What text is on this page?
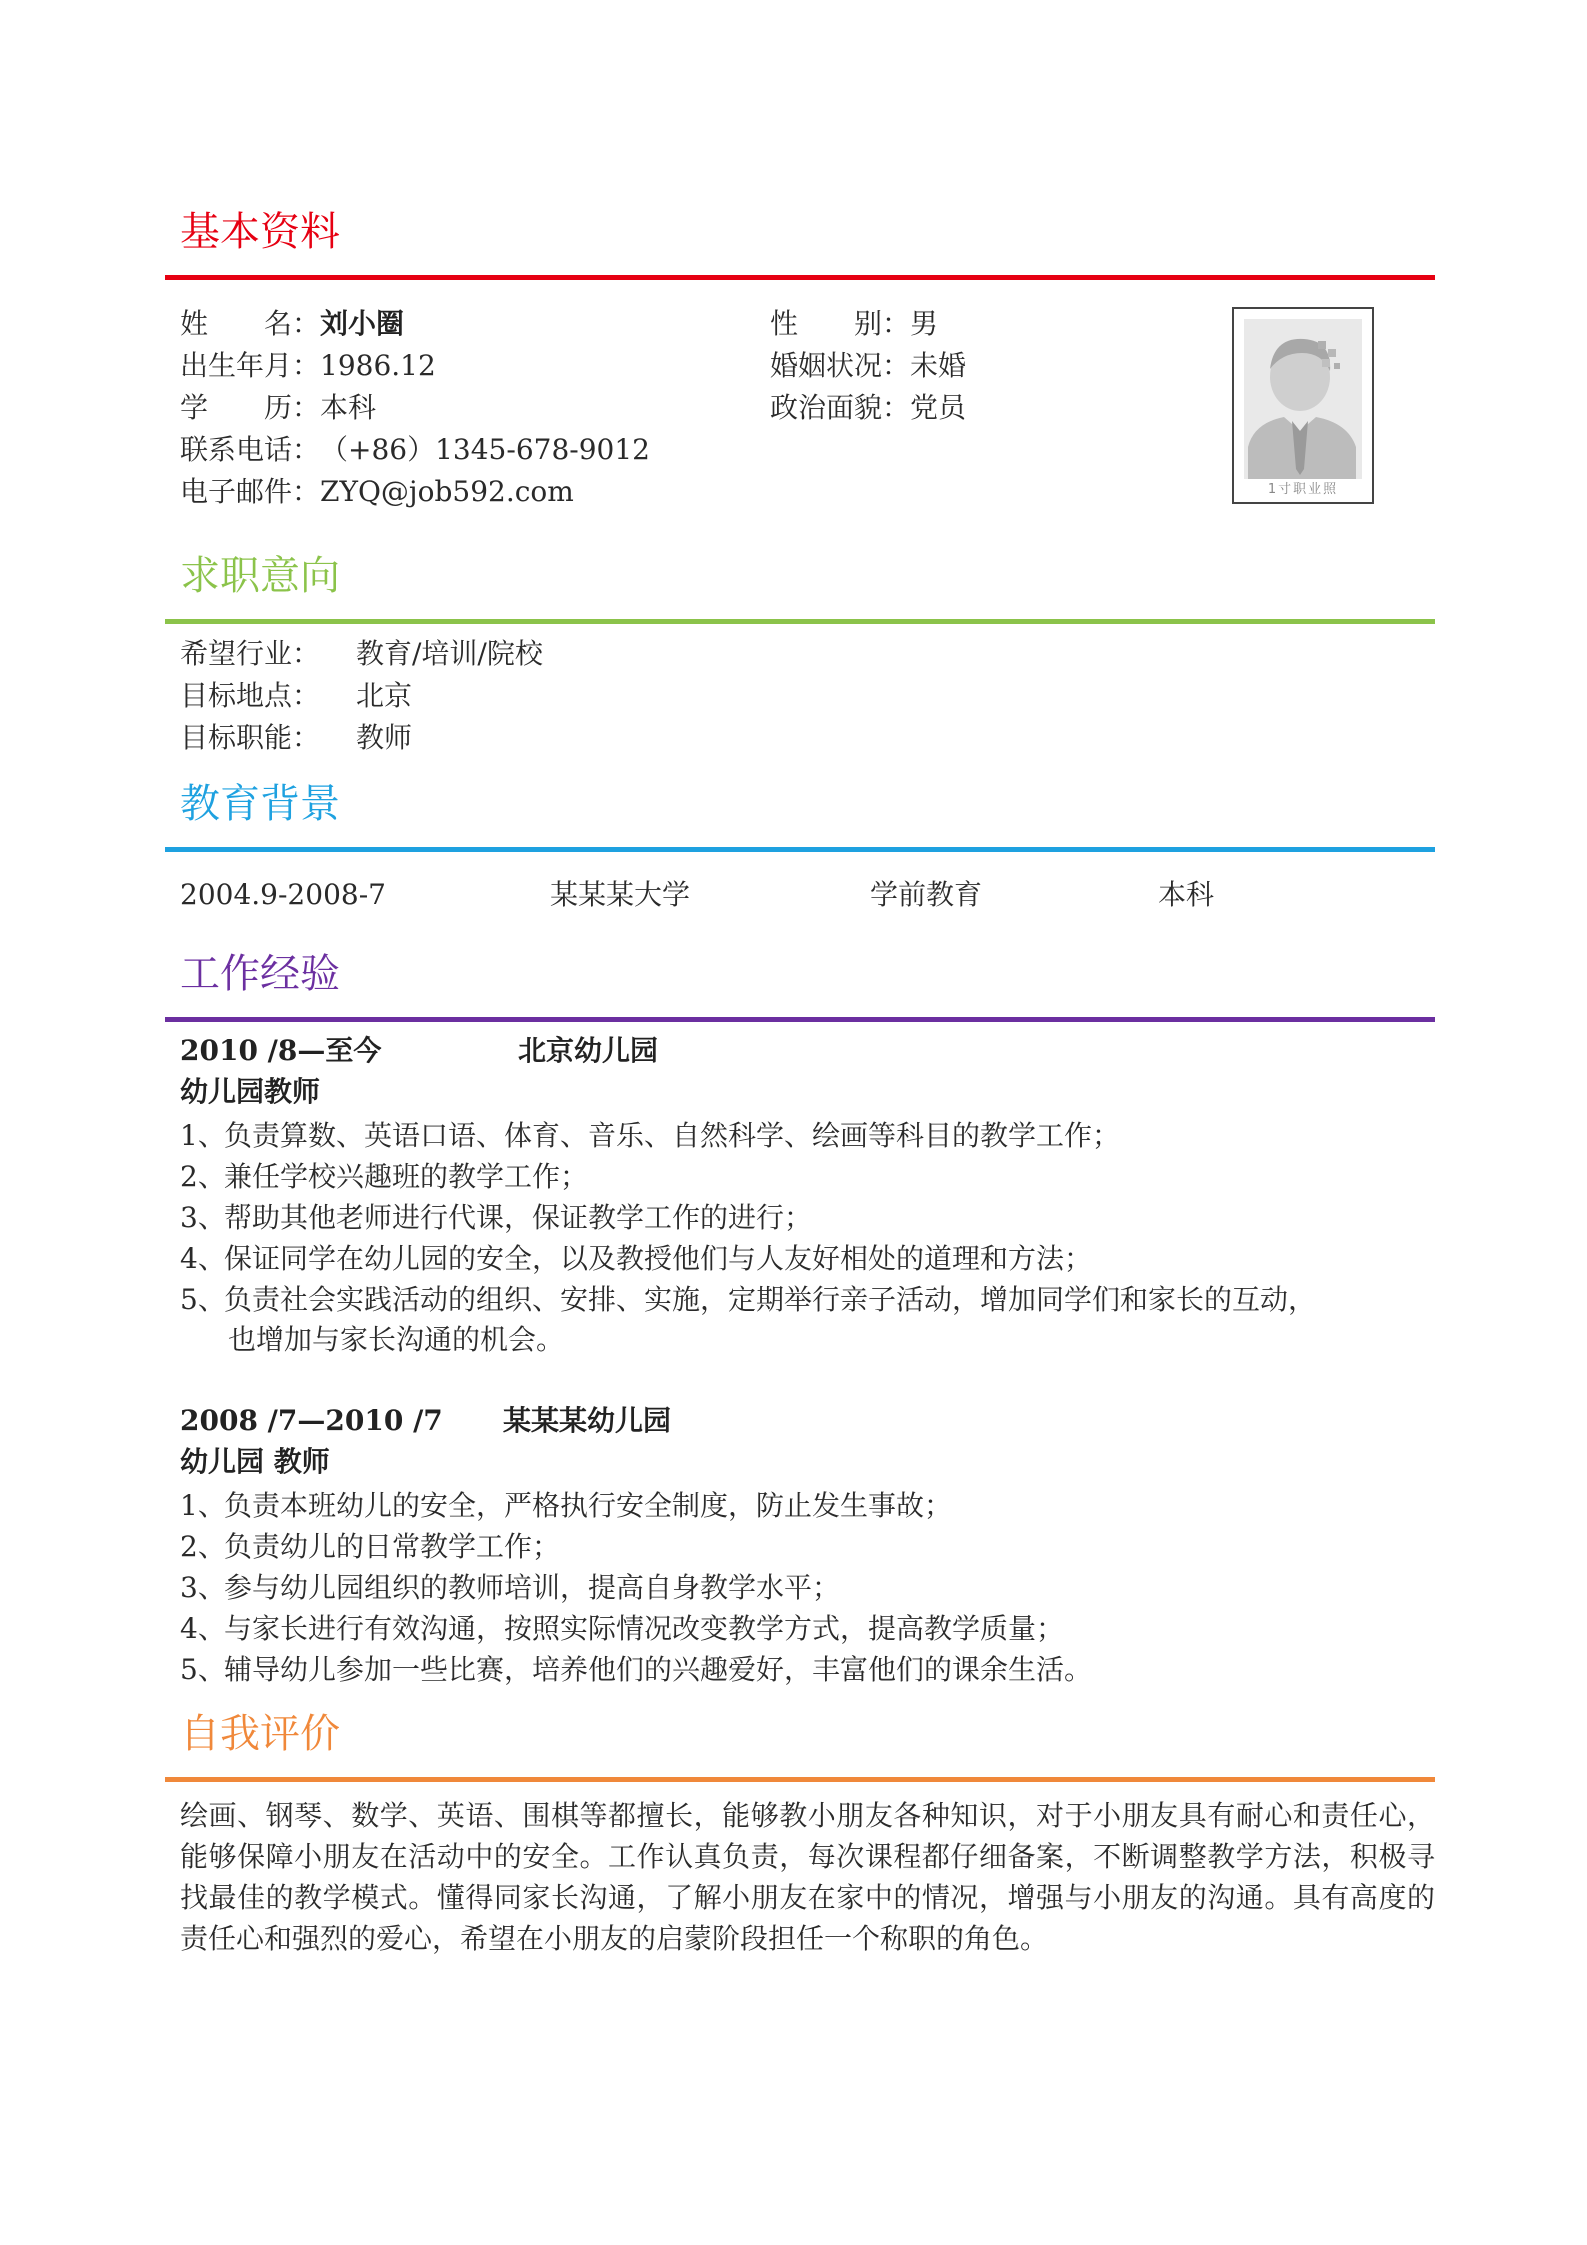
基本资料
姓　　名：刘小圈	性　　别：男
出生年月：1986.12	婚姻状况：未婚
学　　历：本科	政治面貌：党员
联系电话：（+86）1345-678-9012
电子邮件：ZYQ@job592.com	1寸职业照
求职意向
希望行业： 教育/培训/院校
目标地点： 北京
目标职能： 教师
教育背景
2004.9-2008-7	某某某大学	学前教育	本科
工作经验
2010 /8—至今	北京幼儿园
幼儿园教师
1、负责算数、英语口语、体育、音乐、自然科学、绘画等科目的教学工作；
2、兼任学校兴趣班的教学工作；
3、帮助其他老师进行代课，保证教学工作的进行；
4、保证同学在幼儿园的安全，以及教授他们与人友好相处的道理和方法；
5、负责社会实践活动的组织、安排、实施，定期举行亲子活动，增加同学们和家长的互动，
也增加与家长沟通的机会。
2008 /7—2010 /7 某某某幼儿园
幼儿园 教师
1、负责本班幼儿的安全，严格执行安全制度，防止发生事故；
2、负责幼儿的日常教学工作；
3、参与幼儿园组织的教师培训，提高自身教学水平；
4、与家长进行有效沟通，按照实际情况改变教学方式，提高教学质量；
5、辅导幼儿参加一些比赛，培养他们的兴趣爱好，丰富他们的课余生活。
自我评价
绘画、钢琴、数学、英语、围棋等都擅长，能够教小朋友各种知识，对于小朋友具有耐心和责任心，能够保障小朋友在活动中的安全。工作认真负责，每次课程都仔细备案，不断调整教学方法，积极寻找最佳的教学模式。懂得同家长沟通，了解小朋友在家中的情况，增强与小朋友的沟通。具有高度的责任心和强烈的爱心，希望在小朋友的启蒙阶段担任一个称职的角色。
